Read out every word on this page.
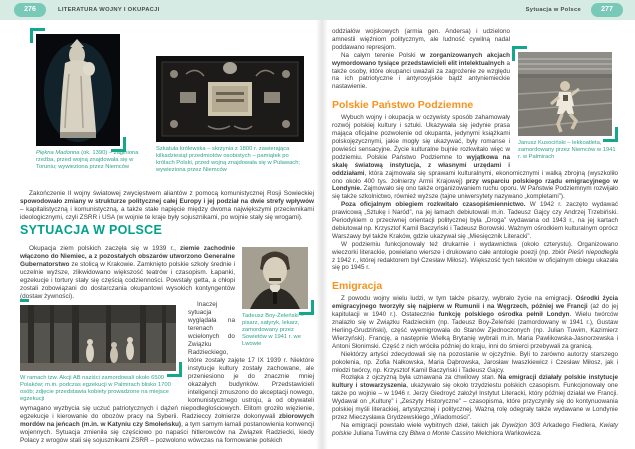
276	LITERATURA WOJNY I OKUPACJI	Sytuacja w Polsce	277
Piękna Madonna (ok. 1390) – zaginiona rzeźba, przed wojną znajdowała się w Toruniu; wywieziona przez Niemców
Szkatuła królewska – skrzynia z 1800 r. zawierająca kilkadziesiąt przedmiotów osobistych – pamiątek po królach Polski, przed wojną znajdowała się w Puławach; wywieziona przez Niemców

Zakończenie II wojny światowej zwycięstwem aliantów z pomocą komunistycznej Rosji Sowieckiej spowodowało zmiany w strukturze politycznej całej Europy i jej podział na dwie strefy wpływów – kapitalistyczną i komunistyczną, a także stałe napięcie między dwoma największymi przeciwnikami ideologicznymi, czyli ZSRR i USA (w wojnie te kraje były sojusznikami, po wojnie stały się wrogami).

SYTUACJA W POLSCE
Tadeusz Boy-Żeleński – pisarz, satyryk, lekarz, zamordowany przez Sowietów w 1941 r. we Lwowie

Okupacja ziem polskich zaczęła się w 1939 r., ziemie zachodnie włączono do Niemiec, a z pozostałych obszarów utworzono Generalne Gubernatorstwo ze stolicą w Krakowie. Zamknięto polskie szkoły średnie i uczelnie wyższe, zlikwidowano większość teatrów i czasopism. Łapanki, egzekucje i tortury stały się częścią codzienności. Powstały getta, a chłopi zostali zobowiązani do dostarczania okupantowi wysokich kontyngentów (dostaw żywności).

W ramach tzw. Akcji AB naziści zamordowali około 6500 Polaków; m.in. podczas egzekucji w Palmirach blisko 1700 osób; zdjęcie przedstawia kobiety prowadzone na miejsce egzekucji

Inaczej sytuacja wyglądała na terenach wcielonych do Związku Radzieckiego, które zostały zajęte 17 IX 1939 r. Niektóre instytucje kultury zostały zachowane, ale przeniesiono je do znacznie mniej okazałych budynków. Przedstawicieli inteligencji zmuszono do akceptacji nowego, komunistycznego ustroju, a od obywateli wymagano wyzbycia się uczuć patriotycznych i dążeń niepodległościowych. Elitom groziło więzienie, egzekucje i kierowanie do obozów pracy na Syberii. Radzieccy żołnierze dokonywali zbiorowych mordów na jeńcach (m.in. w Katyniu czy Smoleńsku), a tym samym łamali postanowienia konwencji wojennych. Sytuacja zmieniła się częściowo po napaści hitlerowców na Związek Radziecki, kiedy Polacy z wrogów stali się sojusznikami ZSRR – pozwolono wówczas na formowanie polskich

Janusz Kusociński – lekkoatleta, zamordowany przez Niemców w 1941 r. w Palmirach

oddziałów wojskowych (armia gen. Andersa) i udzielono amnestii więźniom politycznym, ale ludność cywilną nadal poddawano represjom.

Na całym terenie Polski w zorganizowanych akcjach wymordowano tysiące przedstawicieli elit intelektualnych a także osoby, które okupanci uważali za zagrożenie ze względu na ich patriotyczne i antyrosyjskie bądź antyniemieckie nastawienie.

Polskie Państwo Podziemne

Wybuch wojny i okupacja w oczywisty sposób zahamowały rozwój polskiej kultury i sztuki. Ukazywała się jedynie prasa mająca oficjalne pozwolenie od okupanta, jedynymi książkami polskojęzycznymi, jakie mogły się ukazywać, były romanse i powieści sensacyjne. Życie kulturalne bujnie rozkwitało więc w podziemiu. Polskie Państwo Podziemne to wyjątkowa na skalę światową instytucja, z własnymi urzędami i oddziałami, która zajmowała się sprawami kulturalnymi, ekonomicznymi i walką zbrojną (wyszkoliło ono około 400 tys. żołnierzy Armii Krajowej) przy wsparciu polskiego rządu emigracyjnego w Londynie. Zajmowało się ono także organizowaniem ruchu oporu. W Państwie Podziemnym rozwijało się także szkolnictwo, również wyższe (tajne uniwersytety nazywano „kompletami”).

Poza oficjalnym obiegiem rozkwitało czasopiśmiennictwo. W 1942 r. zaczęto wydawać prawicową „Sztukę i Naród”, na jej łamach debiutowali m.in. Tadeusz Gajcy czy Andrzej Trzebiński. Periodykiem o przeciwnej orientacji politycznej była „Droga” wydawana od 1943 r., na jej kartach debiutował np. Krzysztof Kamil Baczyński i Tadeusz Borowski. Ważnym ośrodkiem kulturalnym oprócz Warszawy był także Kraków, gdzie ukazywał się „Miesięcznik Literacki”.

W podziemiu funkcjonowały też drukarnie i wydawnictwa (około czterystu). Organizowano wieczorki literackie, powielano wiersze i drukowano całe antologie poezji (np. zbiór Pieśń niepodległa z 1942 r., której redaktorem był Czesław Miłosz). Większość tych tekstów w oficjalnym obiegu ukazała się po 1945 r.

Emigracja

Z powodu wojny wielu ludzi, w tym także pisarzy, wybrało życie na emigracji. Ośrodki życia emigracyjnego tworzyły się najpierw w Rumunii i na Węgrzech, później we Francji (aż do jej kapitulacji w 1940 r.). Ostatecznie funkcję polskiego ośrodka pełnił Londyn. Wielu twórców znalazło się w Związku Radzieckim (np. Tadeusz Boy-Żeleński (zamordowany w 1941 r.), Gustaw Herling-Grudziński), część wyemigrowała do Stanów Zjednoczonych (np. Julian Tuwim, Kazimierz Wierzyński). Francję, a następnie Wielką Brytanię wybrali m.in. Maria Pawlikowska-Jasnorzewska i Antoni Słonimski. Część z nich wróciła później do kraju, inni do śmierci przebywali za granicą.

Niektórzy artyści zdecydowali się na pozostanie w ojczyźnie. Byli to zarówno autorzy starszego pokolenia, np. Zofia Nałkowska, Maria Dąbrowska, Jarosław Iwaszkiewicz i Czesław Miłosz, jak i młodzi twórcy, np. Krzysztof Kamil Baczyński i Tadeusz Gajcy.

Rozłąka z ojczyzną była uznawana za chwilowy stan. Na emigracji działały polskie instytucje kultury i stowarzyszenia, ukazywało się około trzydziestu polskich czasopism. Funkcjonowały one także po wojnie – w 1946 r. Jerzy Giedroyć założył Instytut Literacki, który później działał we Francji. Wydawał on „Kulturę” i „Zeszyty Historyczne” – czasopisma, które przyczyniły się do kontynuowania polskiej myśli literackiej, artystycznej i politycznej. Ważną rolę odegrały także wydawane w Londynie przez Mieczysława Grydzewskiego „Wiadomości”.

Na emigracji powstało wiele wybitnych dzieł, takich jak Dywizjon 303 Arkadego Fiedlera, Kwiaty polskie Juliana Tuwima czy Bitwa o Monte Cassino Melchiora Wańkowicza.
